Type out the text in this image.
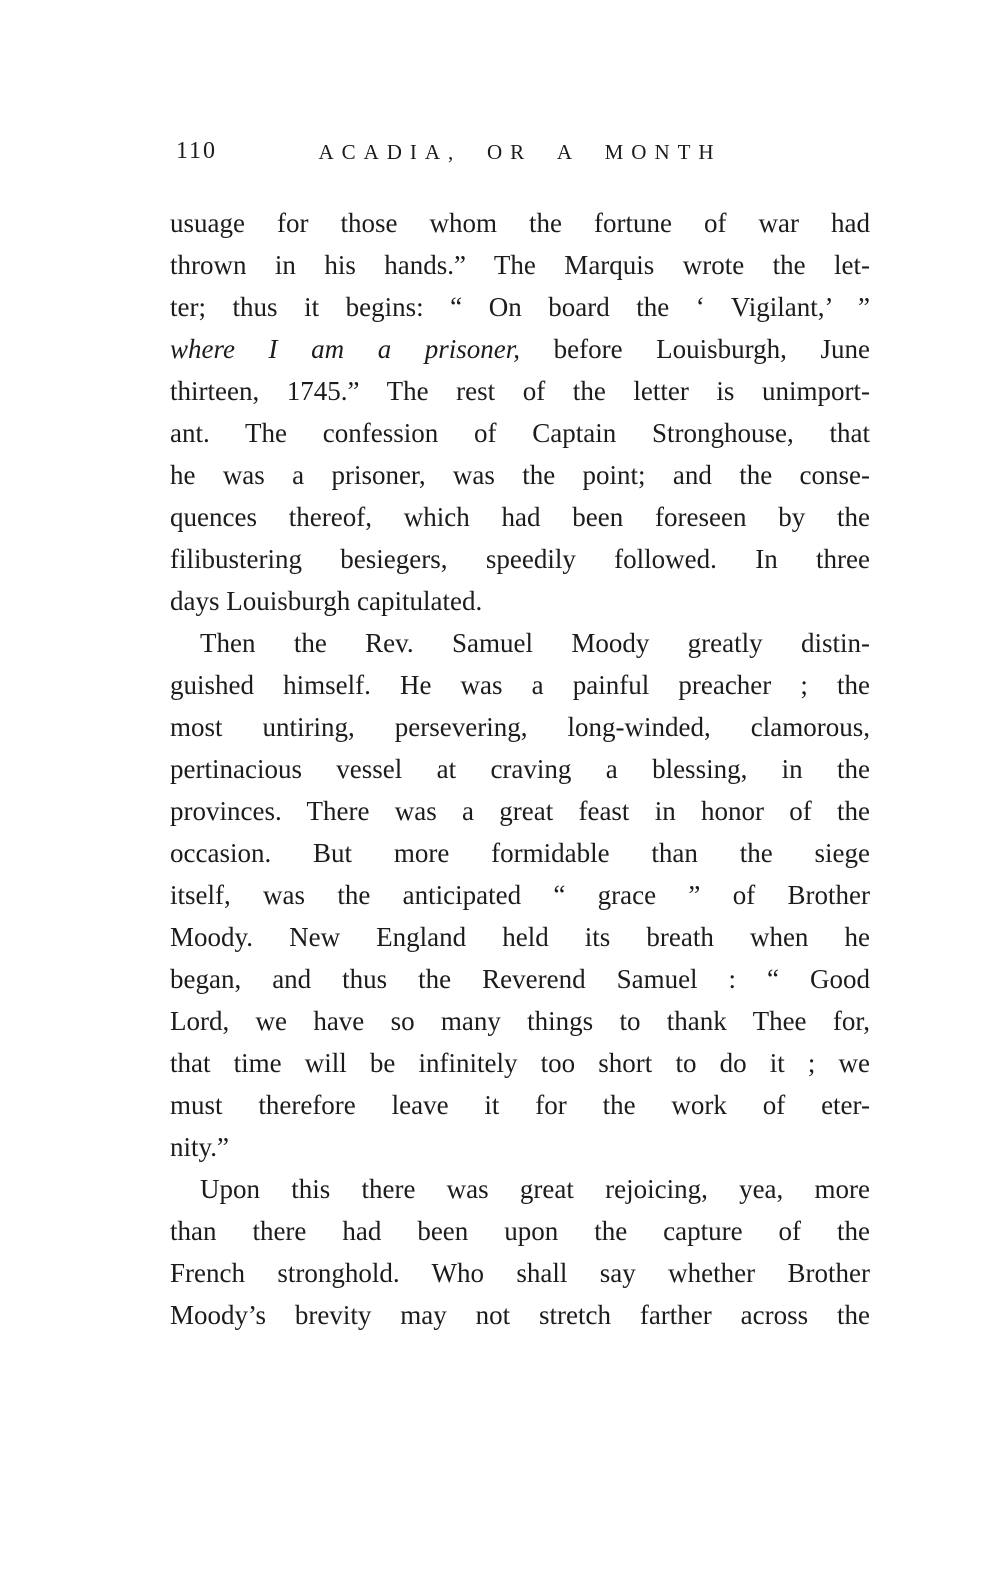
110	ACADIA, OR A MONTH
usuage for those whom the fortune of war had
thrown in his hands.” The Marquis wrote the let-
ter; thus it begins: “ On board the ‘ Vigilant,’ ”
where I am a prisoner, before Louisburgh, June
thirteen, 1745.” The rest of the letter is unimport-
ant. The confession of Captain Stronghouse, that
he was a prisoner, was the point; and the conse-
quences thereof, which had been foreseen by the
filibustering besiegers, speedily followed. In three
days Louisburgh capitulated.
Then the Rev. Samuel Moody greatly distin-
guished himself. He was a painful preacher ; the
most untiring, persevering, long-winded, clamorous,
pertinacious vessel at craving a blessing, in the
provinces. There was a great feast in honor of the
occasion. But more formidable than the siege
itself, was the anticipated “ grace ” of Brother
Moody. New England held its breath when he
began, and thus the Reverend Samuel : “ Good
Lord, we have so many things to thank Thee for,
that time will be infinitely too short to do it ; we
must therefore leave it for the work of eter-
nity.”
Upon this there was great rejoicing, yea, more
than there had been upon the capture of the
French stronghold. Who shall say whether Brother
Moody’s brevity may not stretch farther across the
